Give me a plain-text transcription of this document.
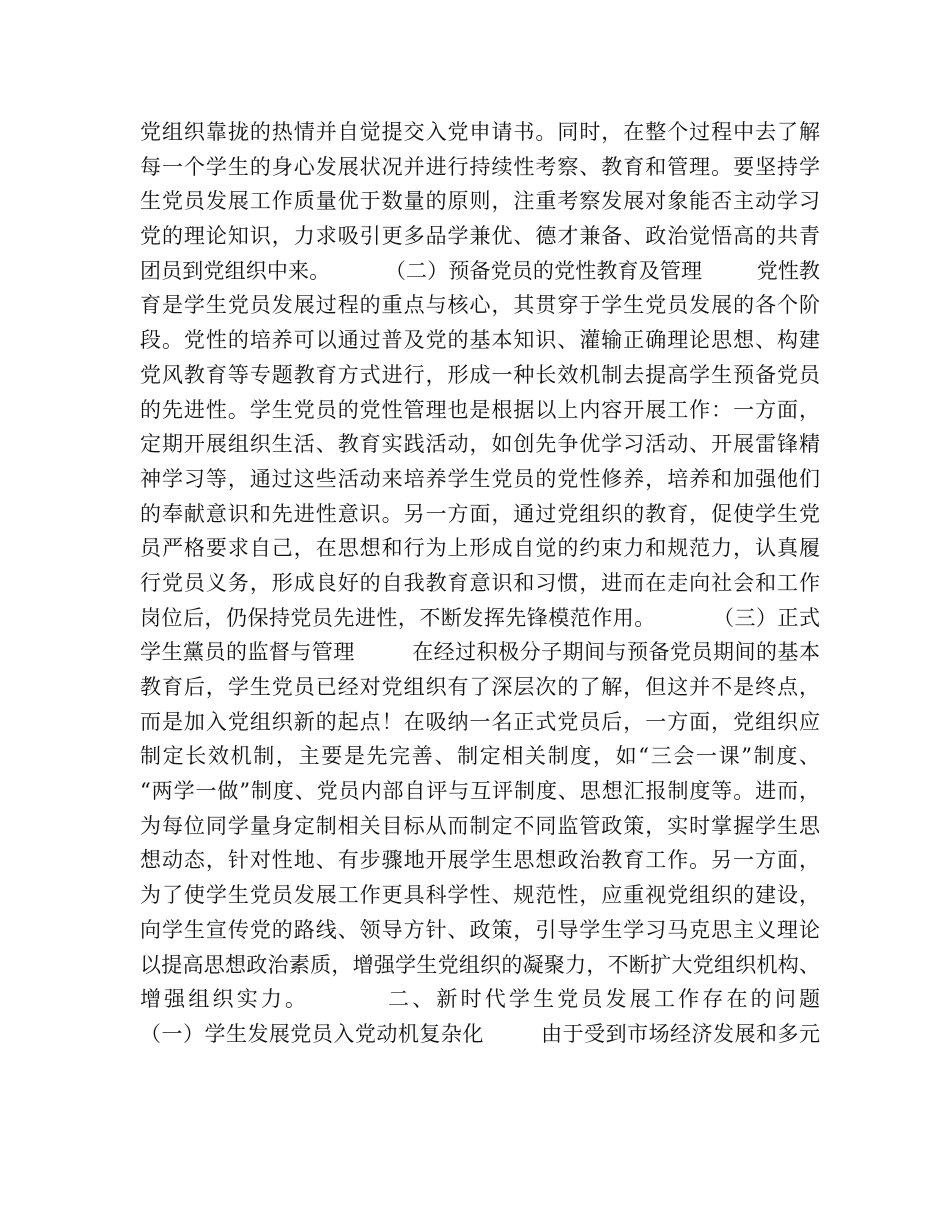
党组织靠拢的热情并自觉提交入党申请书。同时，在整个过程中去了解
每一个学生的身心发展状况并进行持续性考察、教育和管理。要坚持学
生党员发展工作质量优于数量的原则，注重考察发展对象能否主动学习
党的理论知识，力求吸引更多品学兼优、德才兼备、政治觉悟高的共青
团员到党组织中来。        （二）预备党员的党性教育及管理        党性教
育是学生党员发展过程的重点与核心，其贯穿于学生党员发展的各个阶
段。党性的培养可以通过普及党的基本知识、灌输正确理论思想、构建
党风教育等专题教育方式进行，形成一种长效机制去提高学生预备党员
的先进性。学生党员的党性管理也是根据以上内容开展工作：一方面，
定期开展组织生活、教育实践活动，如创先争优学习活动、开展雷锋精
神学习等，通过这些活动来培养学生党员的党性修养，培养和加强他们
的奉献意识和先进性意识。另一方面，通过党组织的教育，促使学生党
员严格要求自己，在思想和行为上形成自觉的约束力和规范力，认真履
行党员义务，形成良好的自我教育意识和习惯，进而在走向社会和工作
岗位后，仍保持党员先进性，不断发挥先锋模范作用。        （三）正式
学生黨员的监督与管理        在经过积极分子期间与预备党员期间的基本
教育后，学生党员已经对党组织有了深层次的了解，但这并不是终点，
而是加入党组织新的起点！在吸纳一名正式党员后，一方面，党组织应
制定长效机制，主要是先完善、制定相关制度，如“三会一课”制度、
“两学一做”制度、党员内部自评与互评制度、思想汇报制度等。进而，
为每位同学量身定制相关目标从而制定不同监管政策，实时掌握学生思
想动态，针对性地、有步骤地开展学生思想政治教育工作。另一方面，
为了使学生党员发展工作更具科学性、规范性，应重视党组织的建设，
向学生宣传党的路线、领导方针、政策，引导学生学习马克思主义理论
以提高思想政治素质，增强学生党组织的凝聚力，不断扩大党组织机构、
增强组织实力。        二、新时代学生党员发展工作存在的问题
（一）学生发展党员入党动机复杂化        由于受到市场经济发展和多元
